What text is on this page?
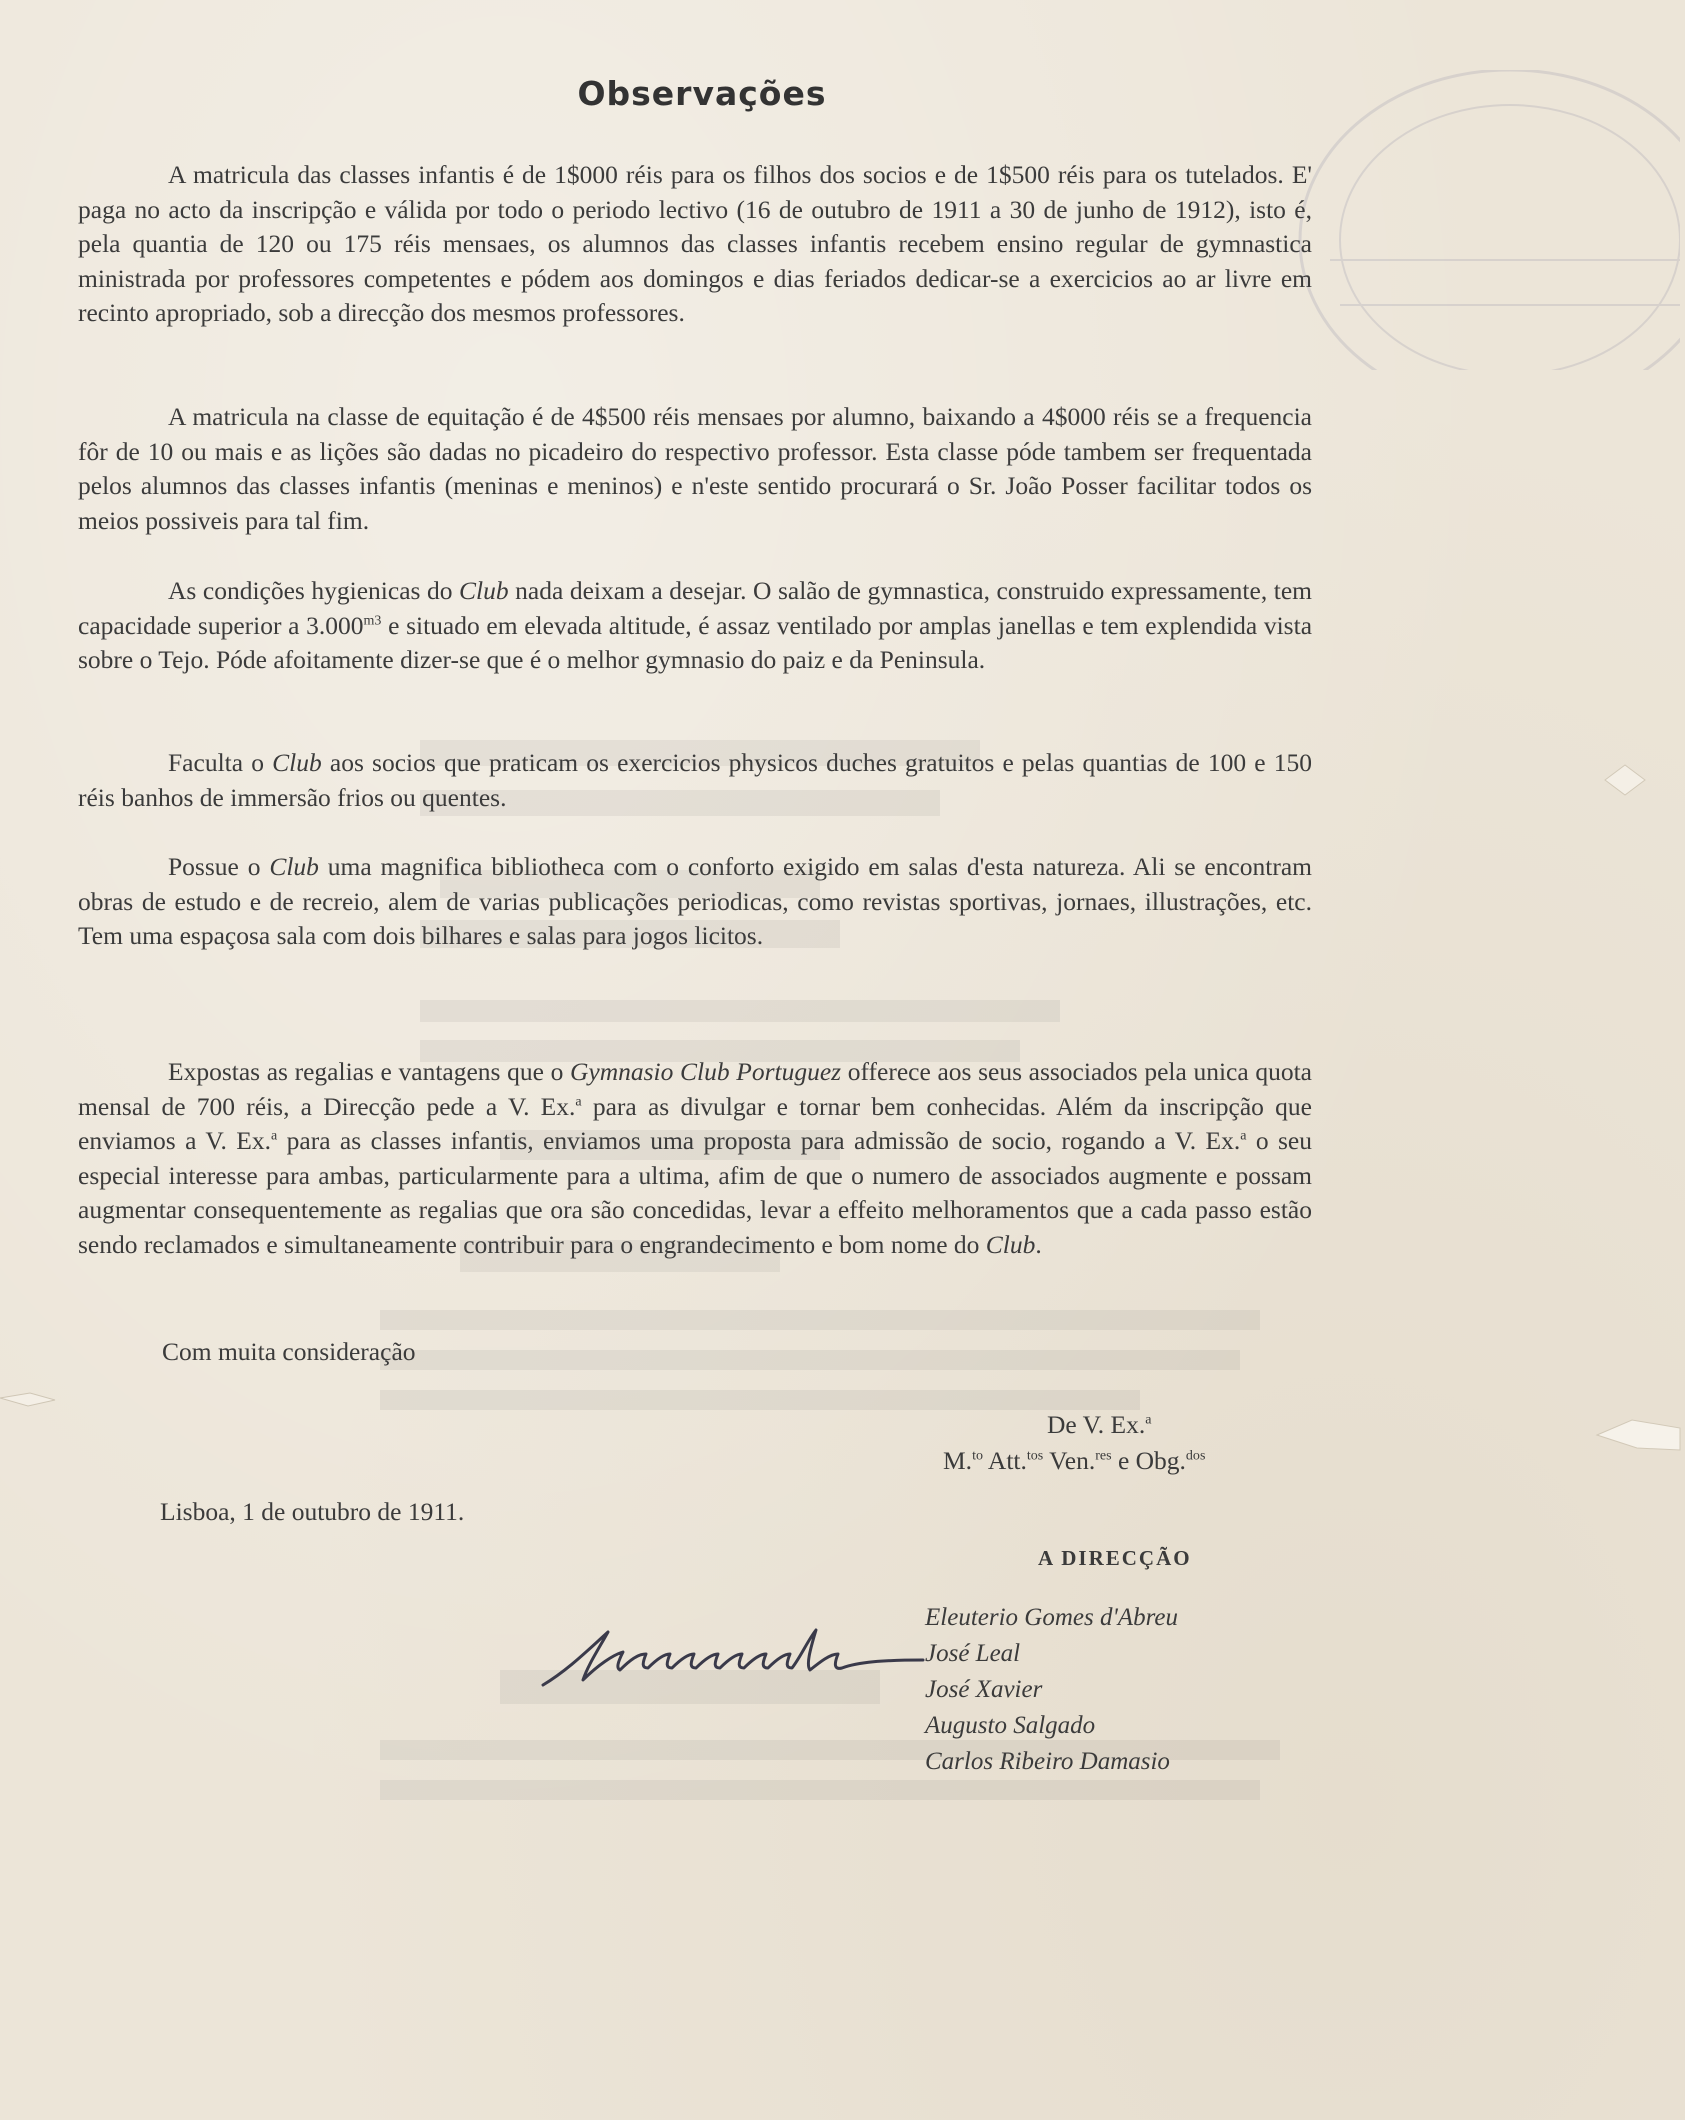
Observações

A matricula das classes infantis é de 1$000 réis para os filhos dos socios e de 1$500 réis para os tutelados. E' paga no acto da inscripção e válida por todo o periodo lectivo (16 de outubro de 1911 a 30 de junho de 1912), isto é, pela quantia de 120 ou 175 réis mensaes, os alumnos das classes infantis recebem ensino regular de gymnastica ministrada por professores competentes e pódem aos domingos e dias feriados dedicar-se a exercicios ao ar livre em recinto apropriado, sob a direcção dos mesmos professores.

A matricula na classe de equitação é de 4$500 réis mensaes por alumno, baixando a 4$000 réis se a frequencia fôr de 10 ou mais e as lições são dadas no picadeiro do respectivo professor. Esta classe póde tambem ser frequentada pelos alumnos das classes infantis (meninas e meninos) e n'este sentido procurará o Sr. João Posser facilitar todos os meios possiveis para tal fim.

As condições hygienicas do Club nada deixam a desejar. O salão de gymnastica, construido expressamente, tem capacidade superior a $3.000^{m3}$ e situado em elevada altitude, é assaz ventilado por amplas janellas e tem explendida vista sobre o Tejo. Póde afoitamente dizer-se que é o melhor gymnasio do paiz e da Peninsula.

Faculta o Club aos socios que praticam os exercicios physicos duches gratuitos e pelas quantias de 100 e 150 réis banhos de immersão frios ou quentes.

Possue o Club uma magnifica bibliotheca com o conforto exigido em salas d'esta natureza. Ali se encontram obras de estudo e de recreio, alem de varias publicações periodicas, como revistas sportivas, jornaes, illustrações, etc. Tem uma espaçosa sala com dois bilhares e salas para jogos licitos.

Expostas as regalias e vantagens que o Gymnasio Club Portuguez offerece aos seus associados pela unica quota mensal de 700 réis, a Direcção pede a V. Ex.$^a$ para as divulgar e tornar bem conhecidas. Além da inscripção que enviamos a V. Ex.$^a$ para as classes infantis, enviamos uma proposta para admissão de socio, rogando a V. Ex.$^a$ o seu especial interesse para ambas, particularmente para a ultima, afim de que o numero de associados augmente e possam augmentar consequentemente as regalias que ora são concedidas, levar a effeito melhoramentos que a cada passo estão sendo reclamados e simultaneamente contribuir para o engrandecimento e bom nome do Club.

Com muita consideração

De V. Ex.$^a$

M.$^{to}$ Att.$^{tos}$ Ven.$^{res}$ e Obg.$^{dos}$

Lisboa, 1 de outubro de 1911.

A DIRECÇÃO
Eleuterio Gomes d'Abreu
José Leal
José Xavier
Augusto Salgado
Carlos Ribeiro Damasio
